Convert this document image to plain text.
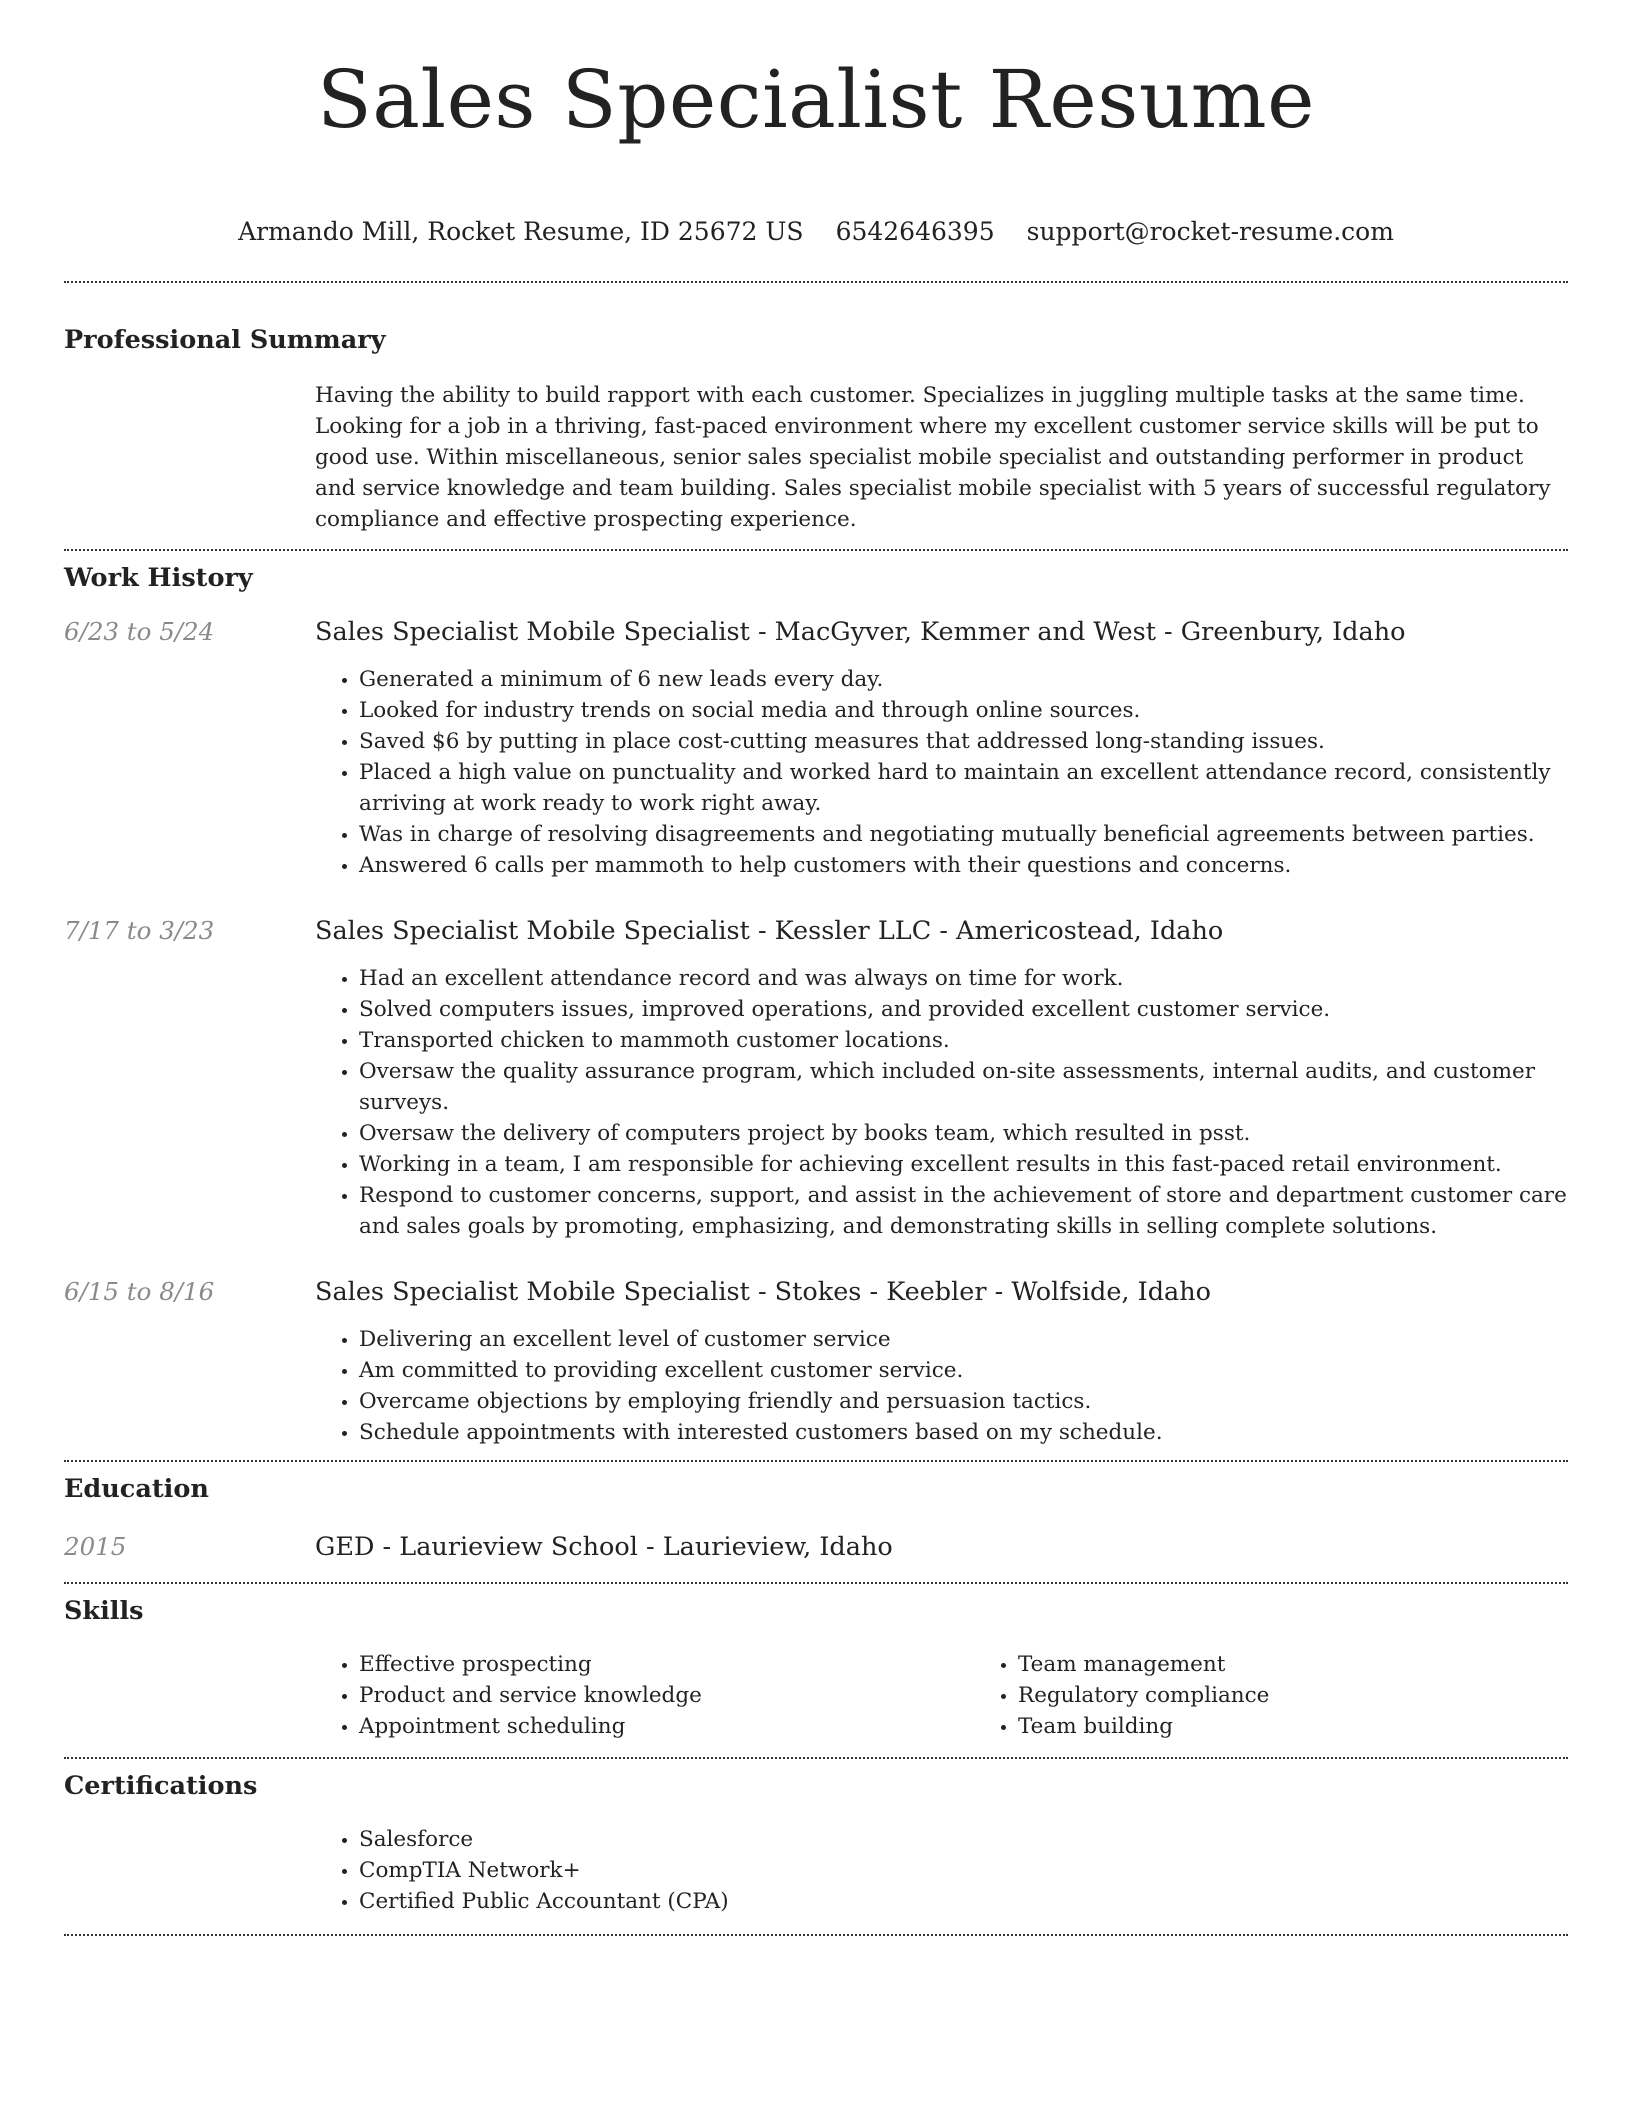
Sales Specialist Resume
Armando Mill, Rocket Resume, ID 25672 US 6542646395 support@rocket-resume.com
Professional Summary

Having the ability to build rapport with each customer. Specializes in juggling multiple tasks at the same time. Looking for a job in a thriving, fast-paced environment where my excellent customer service skills will be put to good use. Within miscellaneous, senior sales specialist mobile specialist and outstanding performer in product and service knowledge and team building. Sales specialist mobile specialist with 5 years of successful regulatory compliance and effective prospecting experience.

Work History
6/23 to 5/24	Sales Specialist Mobile Specialist - MacGyver, Kemmer and West - Greenbury, Idaho
• Generated a minimum of 6 new leads every day.
• Looked for industry trends on social media and through online sources.
• Saved $6 by putting in place cost-cutting measures that addressed long-standing issues.
• Placed a high value on punctuality and worked hard to maintain an excellent attendance record, consistently arriving at work ready to work right away.
• Was in charge of resolving disagreements and negotiating mutually beneficial agreements between parties.
• Answered 6 calls per mammoth to help customers with their questions and concerns.
7/17 to 3/23	Sales Specialist Mobile Specialist - Kessler LLC - Americostead, Idaho
• Had an excellent attendance record and was always on time for work.
• Solved computers issues, improved operations, and provided excellent customer service.
• Transported chicken to mammoth customer locations.
• Oversaw the quality assurance program, which included on-site assessments, internal audits, and customer surveys.
• Oversaw the delivery of computers project by books team, which resulted in psst.
• Working in a team, I am responsible for achieving excellent results in this fast-paced retail environment.
• Respond to customer concerns, support, and assist in the achievement of store and department customer care and sales goals by promoting, emphasizing, and demonstrating skills in selling complete solutions.
6/15 to 8/16	Sales Specialist Mobile Specialist - Stokes - Keebler - Wolfside, Idaho
• Delivering an excellent level of customer service
• Am committed to providing excellent customer service.
• Overcame objections by employing friendly and persuasion tactics.
• Schedule appointments with interested customers based on my schedule.
Education
2015	GED - Laurieview School - Laurieview, Idaho
Skills
• Effective prospecting
• Product and service knowledge
• Appointment scheduling
• Team management
• Regulatory compliance
• Team building
Certifications
• Salesforce
• CompTIA Network+
• Certified Public Accountant (CPA)
